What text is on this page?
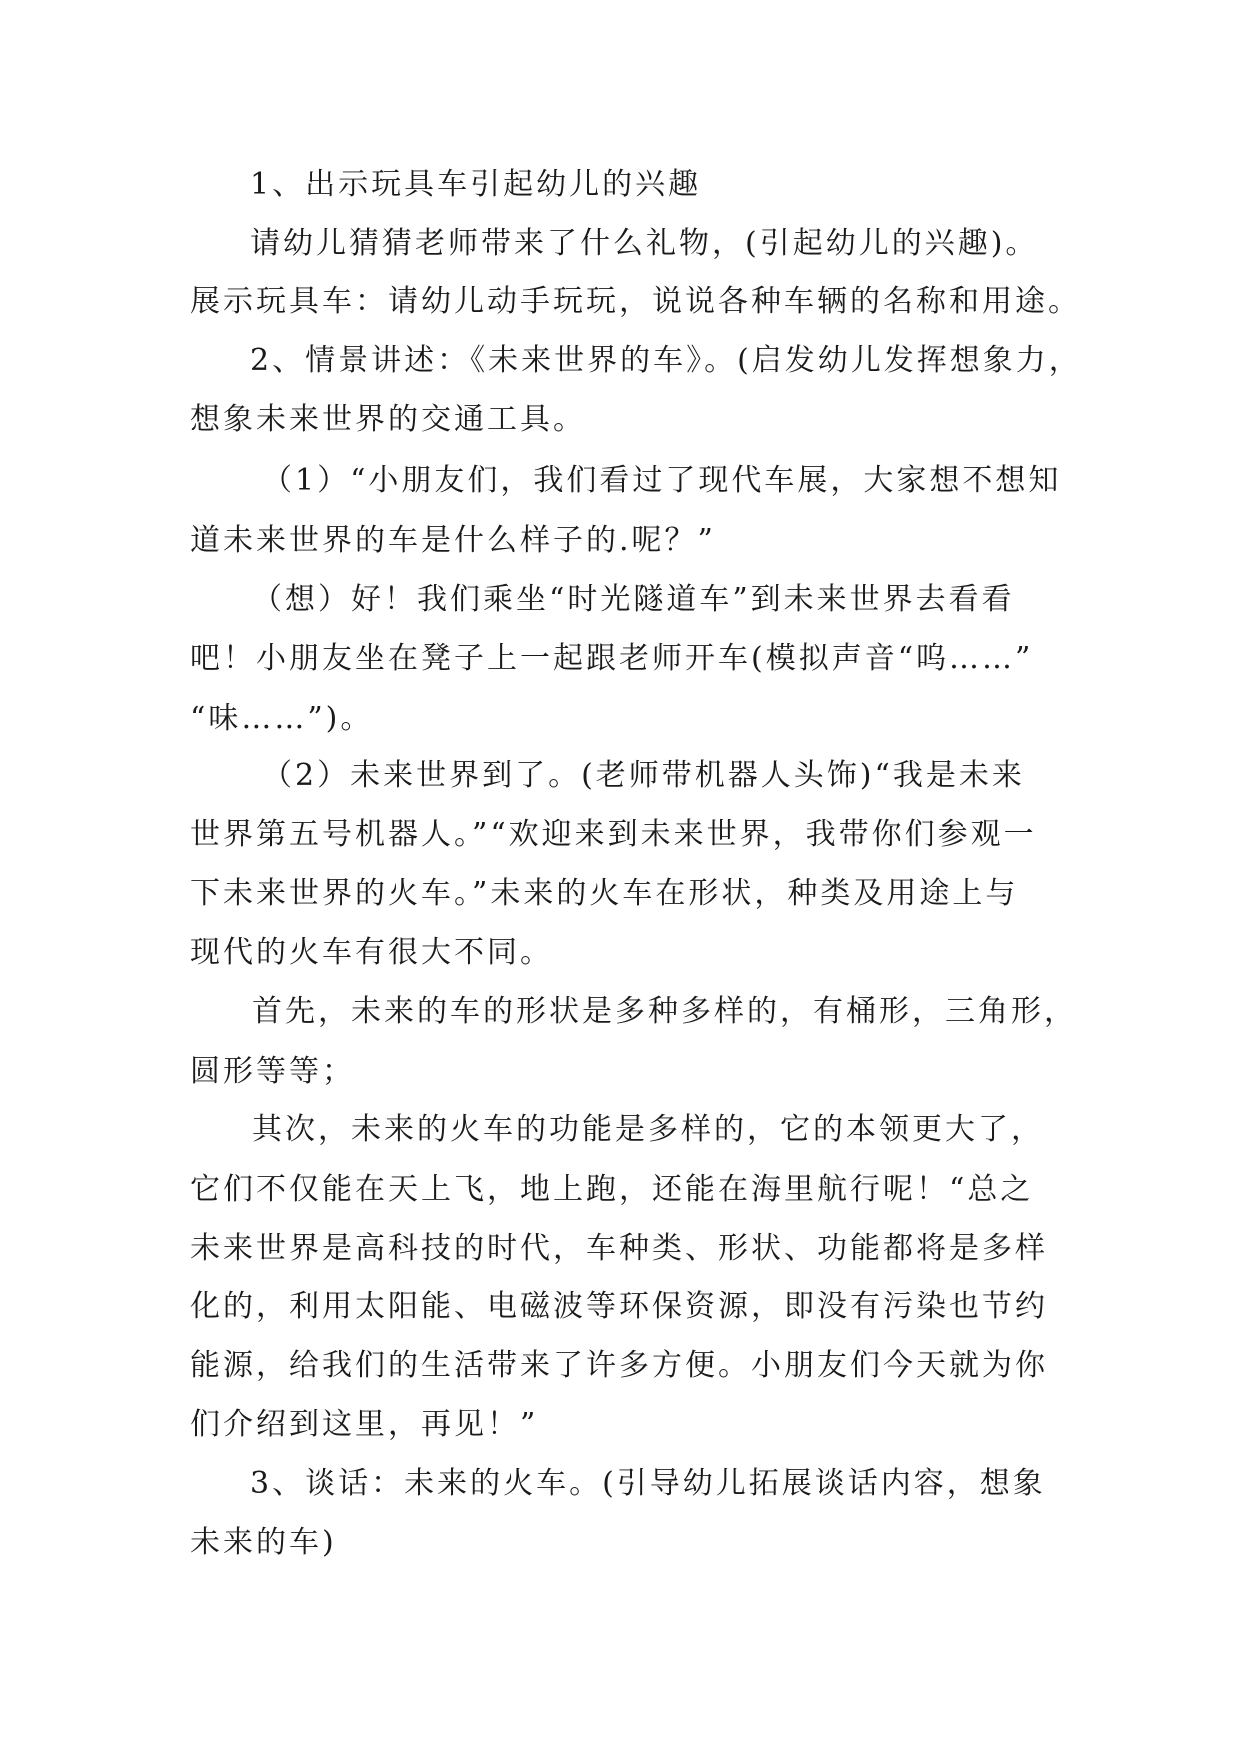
1、出示玩具车引起幼儿的兴趣
请幼儿猜猜老师带来了什么礼物，(引起幼儿的兴趣)。
展示玩具车：请幼儿动手玩玩，说说各种车辆的名称和用途。
2、情景讲述：《未来世界的车》。(启发幼儿发挥想象力，
想象未来世界的交通工具。
（1）“小朋友们，我们看过了现代车展，大家想不想知
道未来世界的车是什么样子的.呢？”
（想）好！我们乘坐“时光隧道车”到未来世界去看看
吧！小朋友坐在凳子上一起跟老师开车(模拟声音“呜……”
“味……”)。
（2）未来世界到了。(老师带机器人头饰)“我是未来
世界第五号机器人。”“欢迎来到未来世界，我带你们参观一
下未来世界的火车。”未来的火车在形状，种类及用途上与
现代的火车有很大不同。
首先，未来的车的形状是多种多样的，有桶形，三角形，
圆形等等；
其次，未来的火车的功能是多样的，它的本领更大了，
它们不仅能在天上飞，地上跑，还能在海里航行呢！“总之
未来世界是高科技的时代，车种类、形状、功能都将是多样
化的，利用太阳能、电磁波等环保资源，即没有污染也节约
能源，给我们的生活带来了许多方便。小朋友们今天就为你
们介绍到这里，再见！”
3、谈话：未来的火车。(引导幼儿拓展谈话内容，想象
未来的车)
